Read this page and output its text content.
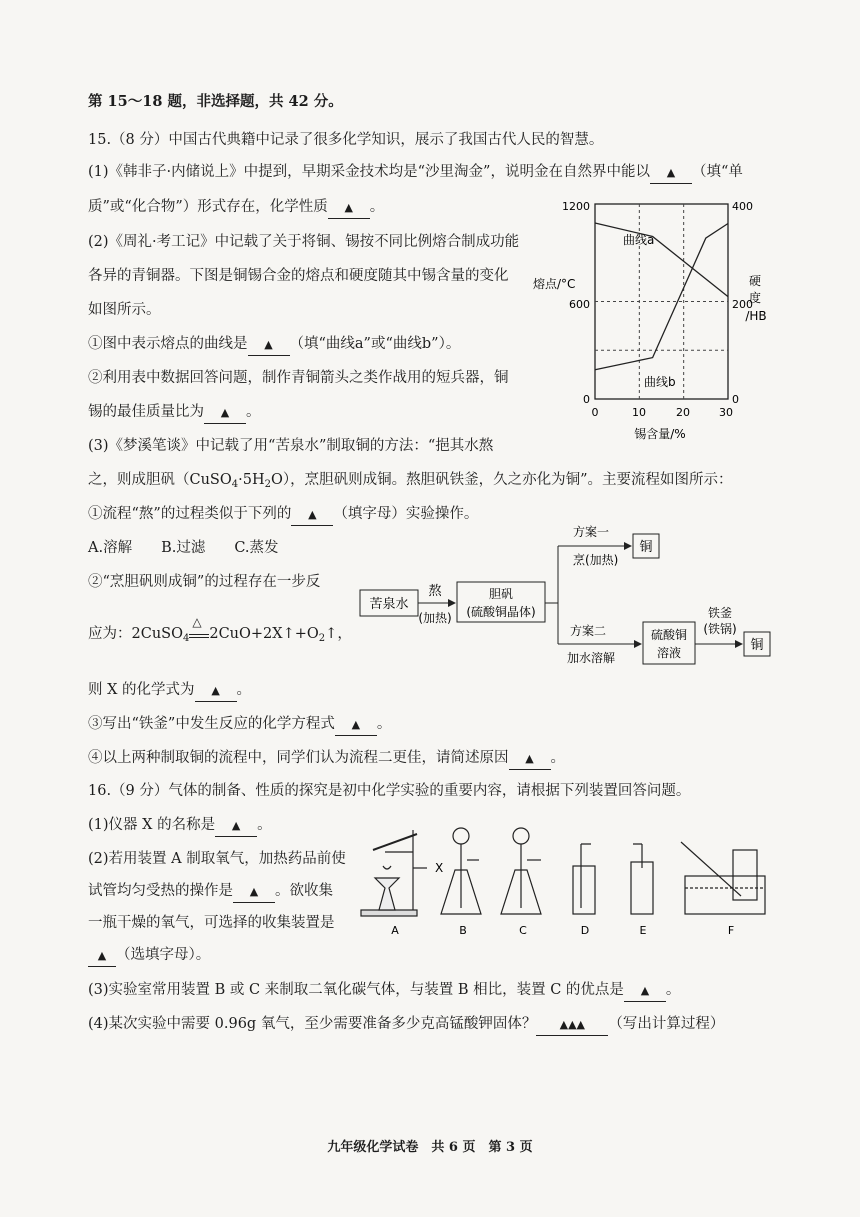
第 15～18 题，非选择题，共 42 分。
15.（8 分）中国古代典籍中记录了很多化学知识，展示了我国古代人民的智慧。
(1)《韩非子·内储说上》中提到，早期采金技术均是“沙里淘金”，说明金在自然界中能以 ▲ （填“单
质”或“化合物”）形式存在，化学性质 ▲ 。
(2)《周礼·考工记》中记载了关于将铜、锡按不同比例熔合制成功能
各异的青铜器。下图是铜锡合金的熔点和硬度随其中锡含量的变化
如图所示。
①图中表示熔点的曲线是 ▲ （填“曲线a”或“曲线b”）。
②利用表中数据回答问题，制作青铜箭头之类作战用的短兵器，铜
锡的最佳质量比为 ▲ 。
1200
600
0
400
200
0
0	10	20	30
锡含量/%
熔点/°C	硬
度
/HB
曲线a
曲线b
(3)《梦溪笔谈》中记载了用“苦泉水”制取铜的方法：“挹其水熬
之，则成胆矾$(CuSO_4\cdot 5H_2O)$，烹胆矾则成铜。熬胆矾铁釜，久之亦化为铜”。主要流程如图所示：
①流程“熬”的过程类似于下列的 ▲ （填字母）实验操作。
A.溶解　　B.过滤　　C.蒸发
②“烹胆矾则成铜”的过程存在一步反
应为：2CuSO$_4$
△
$2CuO+2X↑+O_2↑$，
苦泉水
熬
(加热)
胆矾
(硫酸铜晶体)
方案一
烹(加热)
铜
方案二
加水溶解
硫酸铜
溶液
铁釜
(铁锅)
铜
则 X 的化学式为 ▲ 。
③写出“铁釜”中发生反应的化学方程式 ▲ 。
④以上两种制取铜的流程中，同学们认为流程二更佳，请简述原因 ▲ 。
16.（9 分）气体的制备、性质的探究是初中化学实验的重要内容，请根据下列装置回答问题。
(1)仪器 X 的名称是 ▲ 。
(2)若用装置 A 制取氧气，加热药品前使
试管均匀受热的操作是 ▲ 。欲收集
一瓶干燥的氧气，可选择的收集装置是
▲ （选填字母）。
X
A	B	C	D	E	F
(3)实验室常用装置 B 或 C 来制取二氧化碳气体，与装置 B 相比，装置 C 的优点是 ▲ 。
(4)某次实验中需要 0.96g 氧气，至少需要准备多少克高锰酸钾固体？ ▲▲▲ （写出计算过程）
九年级化学试卷　共 6 页　第 3 页
